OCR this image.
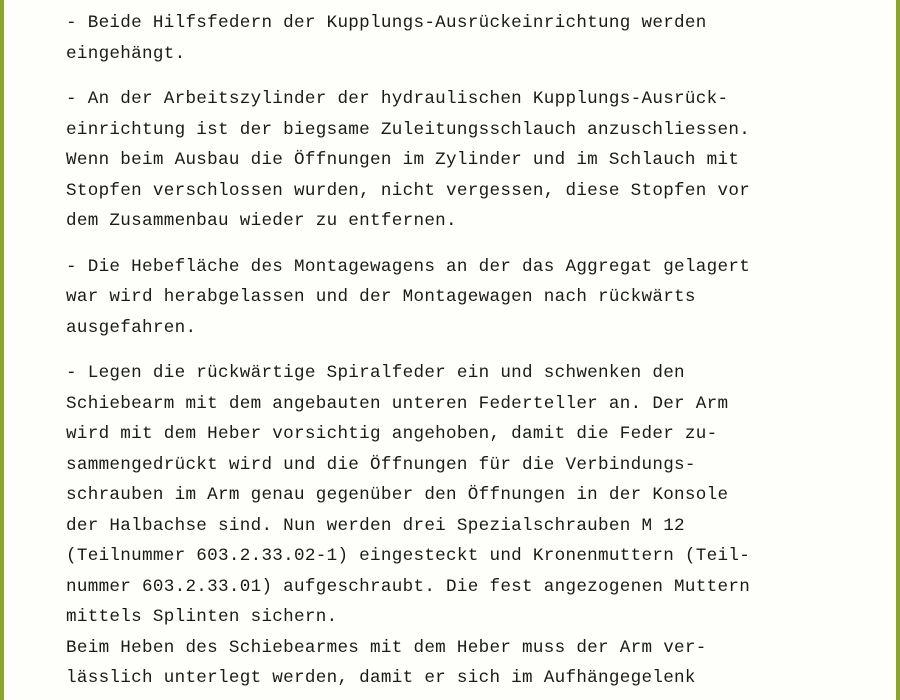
- Beide Hilfsfedern der Kupplungs-Ausrückeinrichtung werden
eingehängt.
- An der Arbeitszylinder der hydraulischen Kupplungs-Ausrück-
einrichtung ist der biegsame Zuleitungsschlauch anzuschliessen.
Wenn beim Ausbau die Öffnungen im Zylinder und im Schlauch mit
Stopfen verschlossen wurden, nicht vergessen, diese Stopfen vor
dem Zusammenbau wieder zu entfernen.
- Die Hebefläche des Montagewagens an der das Aggregat gelagert
war wird herabgelassen und der Montagewagen nach rückwärts
ausgefahren.
- Legen die rückwärtige Spiralfeder ein und schwenken den
Schiebearm mit dem angebauten unteren Federteller an. Der Arm
wird mit dem Heber vorsichtig angehoben, damit die Feder zu-
sammengedrückt wird und die Öffnungen für die Verbindungs-
schrauben im Arm genau gegenüber den Öffnungen in der Konsole
der Halbachse sind. Nun werden drei Spezialschrauben M 12
(Teilnummer 603.2.33.02-1) eingesteckt und Kronenmuttern (Teil-
nummer 603.2.33.01) aufgeschraubt. Die fest angezogenen Muttern
mittels Splinten sichern.
Beim Heben des Schiebearmes mit dem Heber muss der Arm ver-
lässlich unterlegt werden, damit er sich im Aufhängegelenk
